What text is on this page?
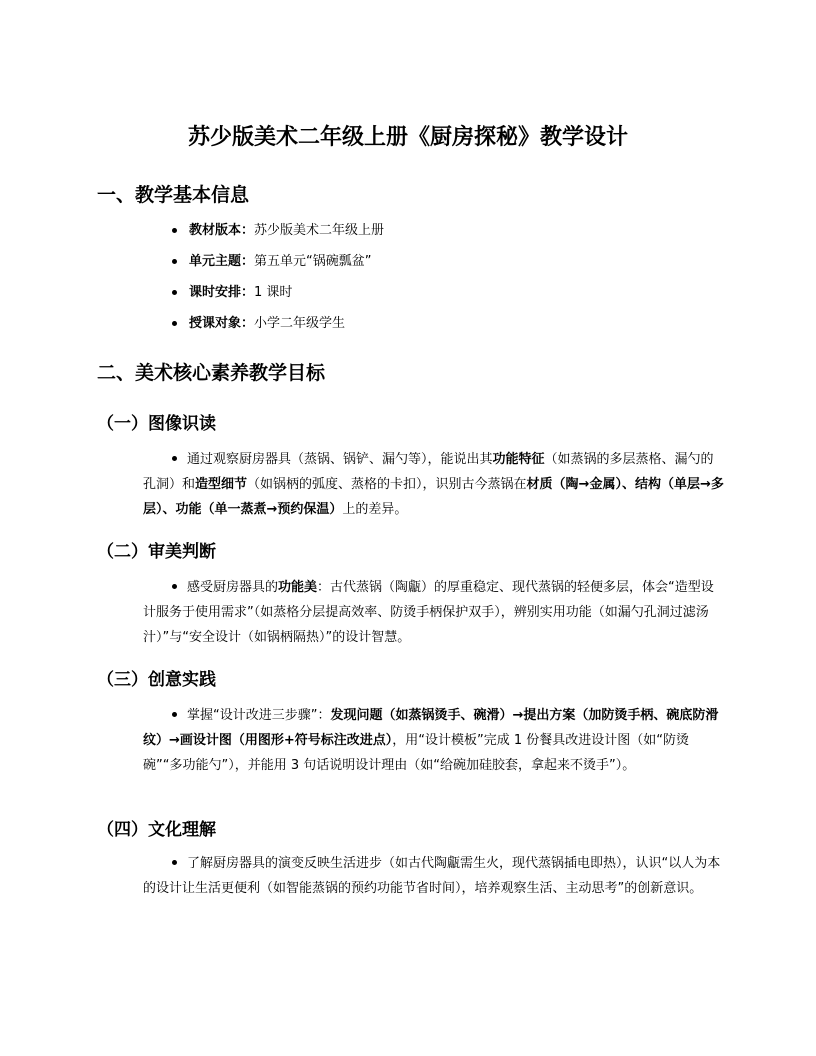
苏少版美术二年级上册《厨房探秘》教学设计
一、教学基本信息
教材版本：苏少版美术二年级上册
单元主题：第五单元“锅碗瓢盆”
课时安排：1 课时
授课对象：小学二年级学生
二、美术核心素养教学目标
（一）图像识读

通过观察厨房器具（蒸锅、锅铲、漏勺等），能说出其功能特征（如蒸锅的多层蒸格、漏勺的孔洞）和造型细节（如锅柄的弧度、蒸格的卡扣），识别古今蒸锅在材质（陶→金属）、结构（单层→多层）、功能（单一蒸煮→预约保温）上的差异。

（二）审美判断

感受厨房器具的功能美：古代蒸锅（陶甗）的厚重稳定、现代蒸锅的轻便多层，体会“造型设计服务于使用需求”（如蒸格分层提高效率、防烫手柄保护双手），辨别实用功能（如漏勺孔洞过滤汤汁）”与“安全设计（如锅柄隔热）”的设计智慧。

（三）创意实践

掌握“设计改进三步骤”：发现问题（如蒸锅烫手、碗滑）→提出方案（加防烫手柄、碗底防滑纹）→画设计图（用图形+符号标注改进点），用“设计模板”完成 1 份餐具改进设计图（如“防烫碗”“多功能勺”），并能用 3 句话说明设计理由（如“给碗加硅胶套，拿起来不烫手”）。

（四）文化理解

了解厨房器具的演变反映生活进步（如古代陶甗需生火，现代蒸锅插电即热），认识“以人为本的设计让生活更便利（如智能蒸锅的预约功能节省时间），培养观察生活、主动思考”的创新意识。
